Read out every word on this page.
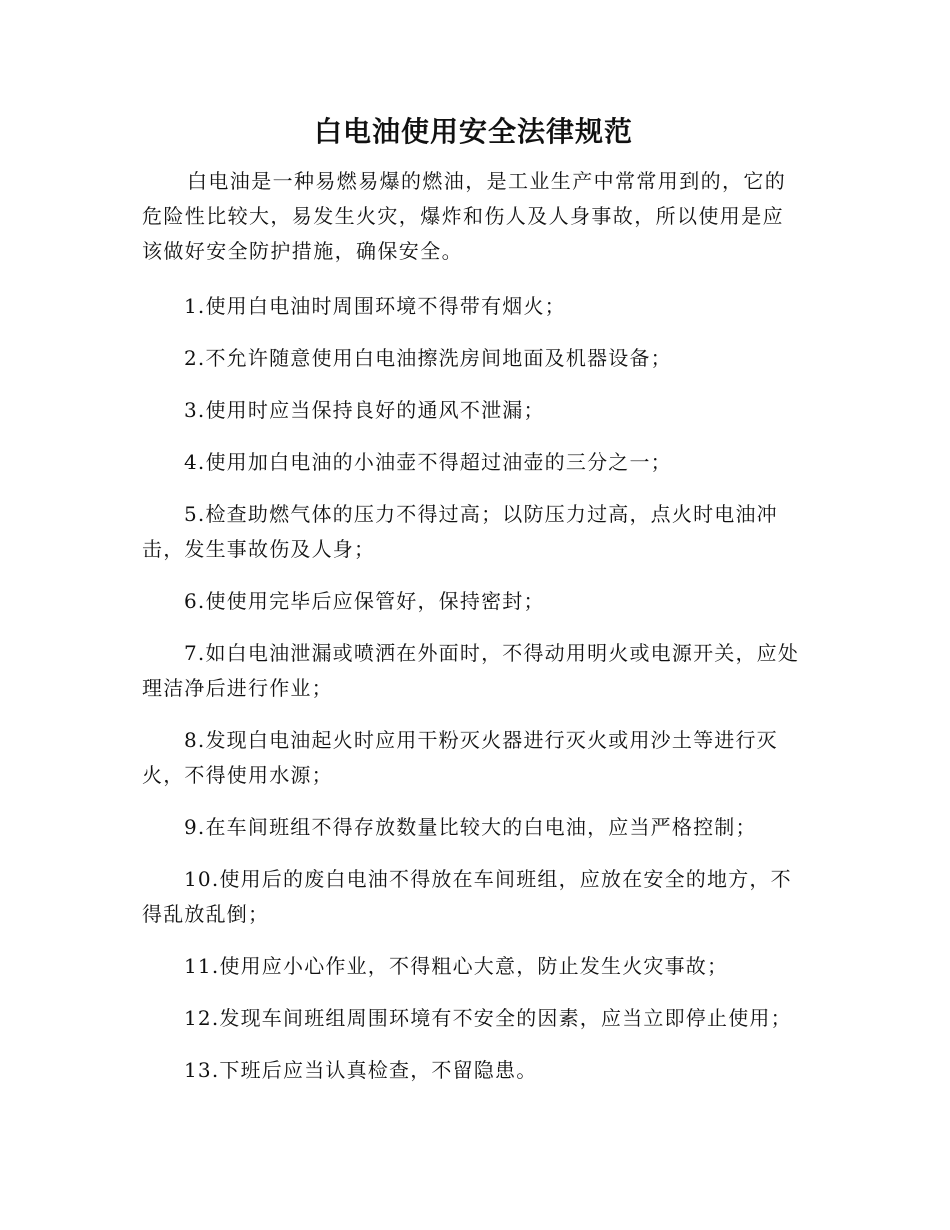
白电油使用安全法律规范

白电油是一种易燃易爆的燃油，是工业生产中常常用到的，它的危险性比较大，易发生火灾，爆炸和伤人及人身事故，所以使用是应该做好安全防护措施，确保安全。

1.使用白电油时周围环境不得带有烟火；

2.不允许随意使用白电油擦洗房间地面及机器设备；

3.使用时应当保持良好的通风不泄漏；

4.使用加白电油的小油壶不得超过油壶的三分之一；

5.检查助燃气体的压力不得过高；以防压力过高，点火时电油冲击，发生事故伤及人身；

6.使使用完毕后应保管好，保持密封；

7.如白电油泄漏或喷洒在外面时，不得动用明火或电源开关，应处理洁净后进行作业；

8.发现白电油起火时应用干粉灭火器进行灭火或用沙土等进行灭火，不得使用水源；

9.在车间班组不得存放数量比较大的白电油，应当严格控制；

10.使用后的废白电油不得放在车间班组，应放在安全的地方，不得乱放乱倒；

11.使用应小心作业，不得粗心大意，防止发生火灾事故；

12.发现车间班组周围环境有不安全的因素，应当立即停止使用；

13.下班后应当认真检查，不留隐患。
